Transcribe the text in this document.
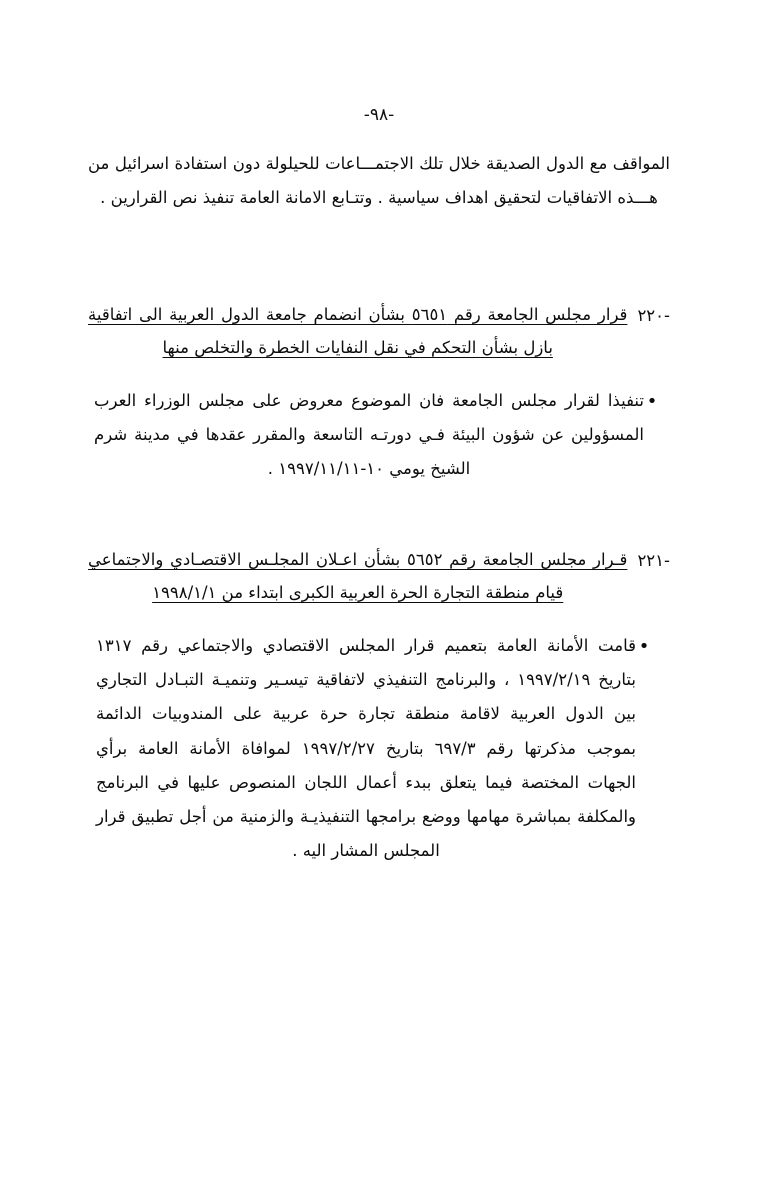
-٩٨-

المواقف مع الدول الصديقة خلال تلك الاجتمـــاعات للحيلولة دون استفادة اسرائيل من هـــذه الاتفاقيات لتحقيق اهداف سياسية . وتتـابع الامانة العامة تنفيذ نص القرارين .

-٢٢٠
قرار مجلس الجامعة رقم ٥٦٥١ بشأن انضمام جامعة الدول العربية الى اتفاقية بازل بشأن التحكم في نقل النفايات الخطرة والتخلص منها
•
تنفيذا لقرار مجلس الجامعة فان الموضوع معروض على مجلس الوزراء العرب المسؤولين عن شؤون البيئة فـي دورتـه التاسعة والمقرر عقدها في مدينة شرم الشيخ يومي ١٠-١٩٩٧/١١/١١ .
-٢٢١
قـرار مجلس الجامعة رقم ٥٦٥٢ بشأن اعـلان المجلـس الاقتصـادي والاجتماعي قيام منطقة التجارة الحرة العربية الكبرى ابتداء من ١٩٩٨/١/١
•
قامت الأمانة العامة بتعميم قرار المجلس الاقتصادي والاجتماعي رقم ١٣١٧ بتاريخ ١٩٩٧/٢/١٩ ، والبرنامج التنفيذي لاتفاقية تيسـير وتنميـة التبـادل التجاري بين الدول العربية لاقامة منطقة تجارة حرة عربية على المندوبيات الدائمة بموجب مذكرتها رقم ٦٩٧/٣ بتاريخ ١٩٩٧/٢/٢٧ لموافاة الأمانة العامة برأي الجهات المختصة فيما يتعلق ببدء أعمال اللجان المنصوص عليها في البرنامج والمكلفة بمباشرة مهامها ووضع برامجها التنفيذيـة والزمنية من أجل تطبيق قرار المجلس المشار اليه .
